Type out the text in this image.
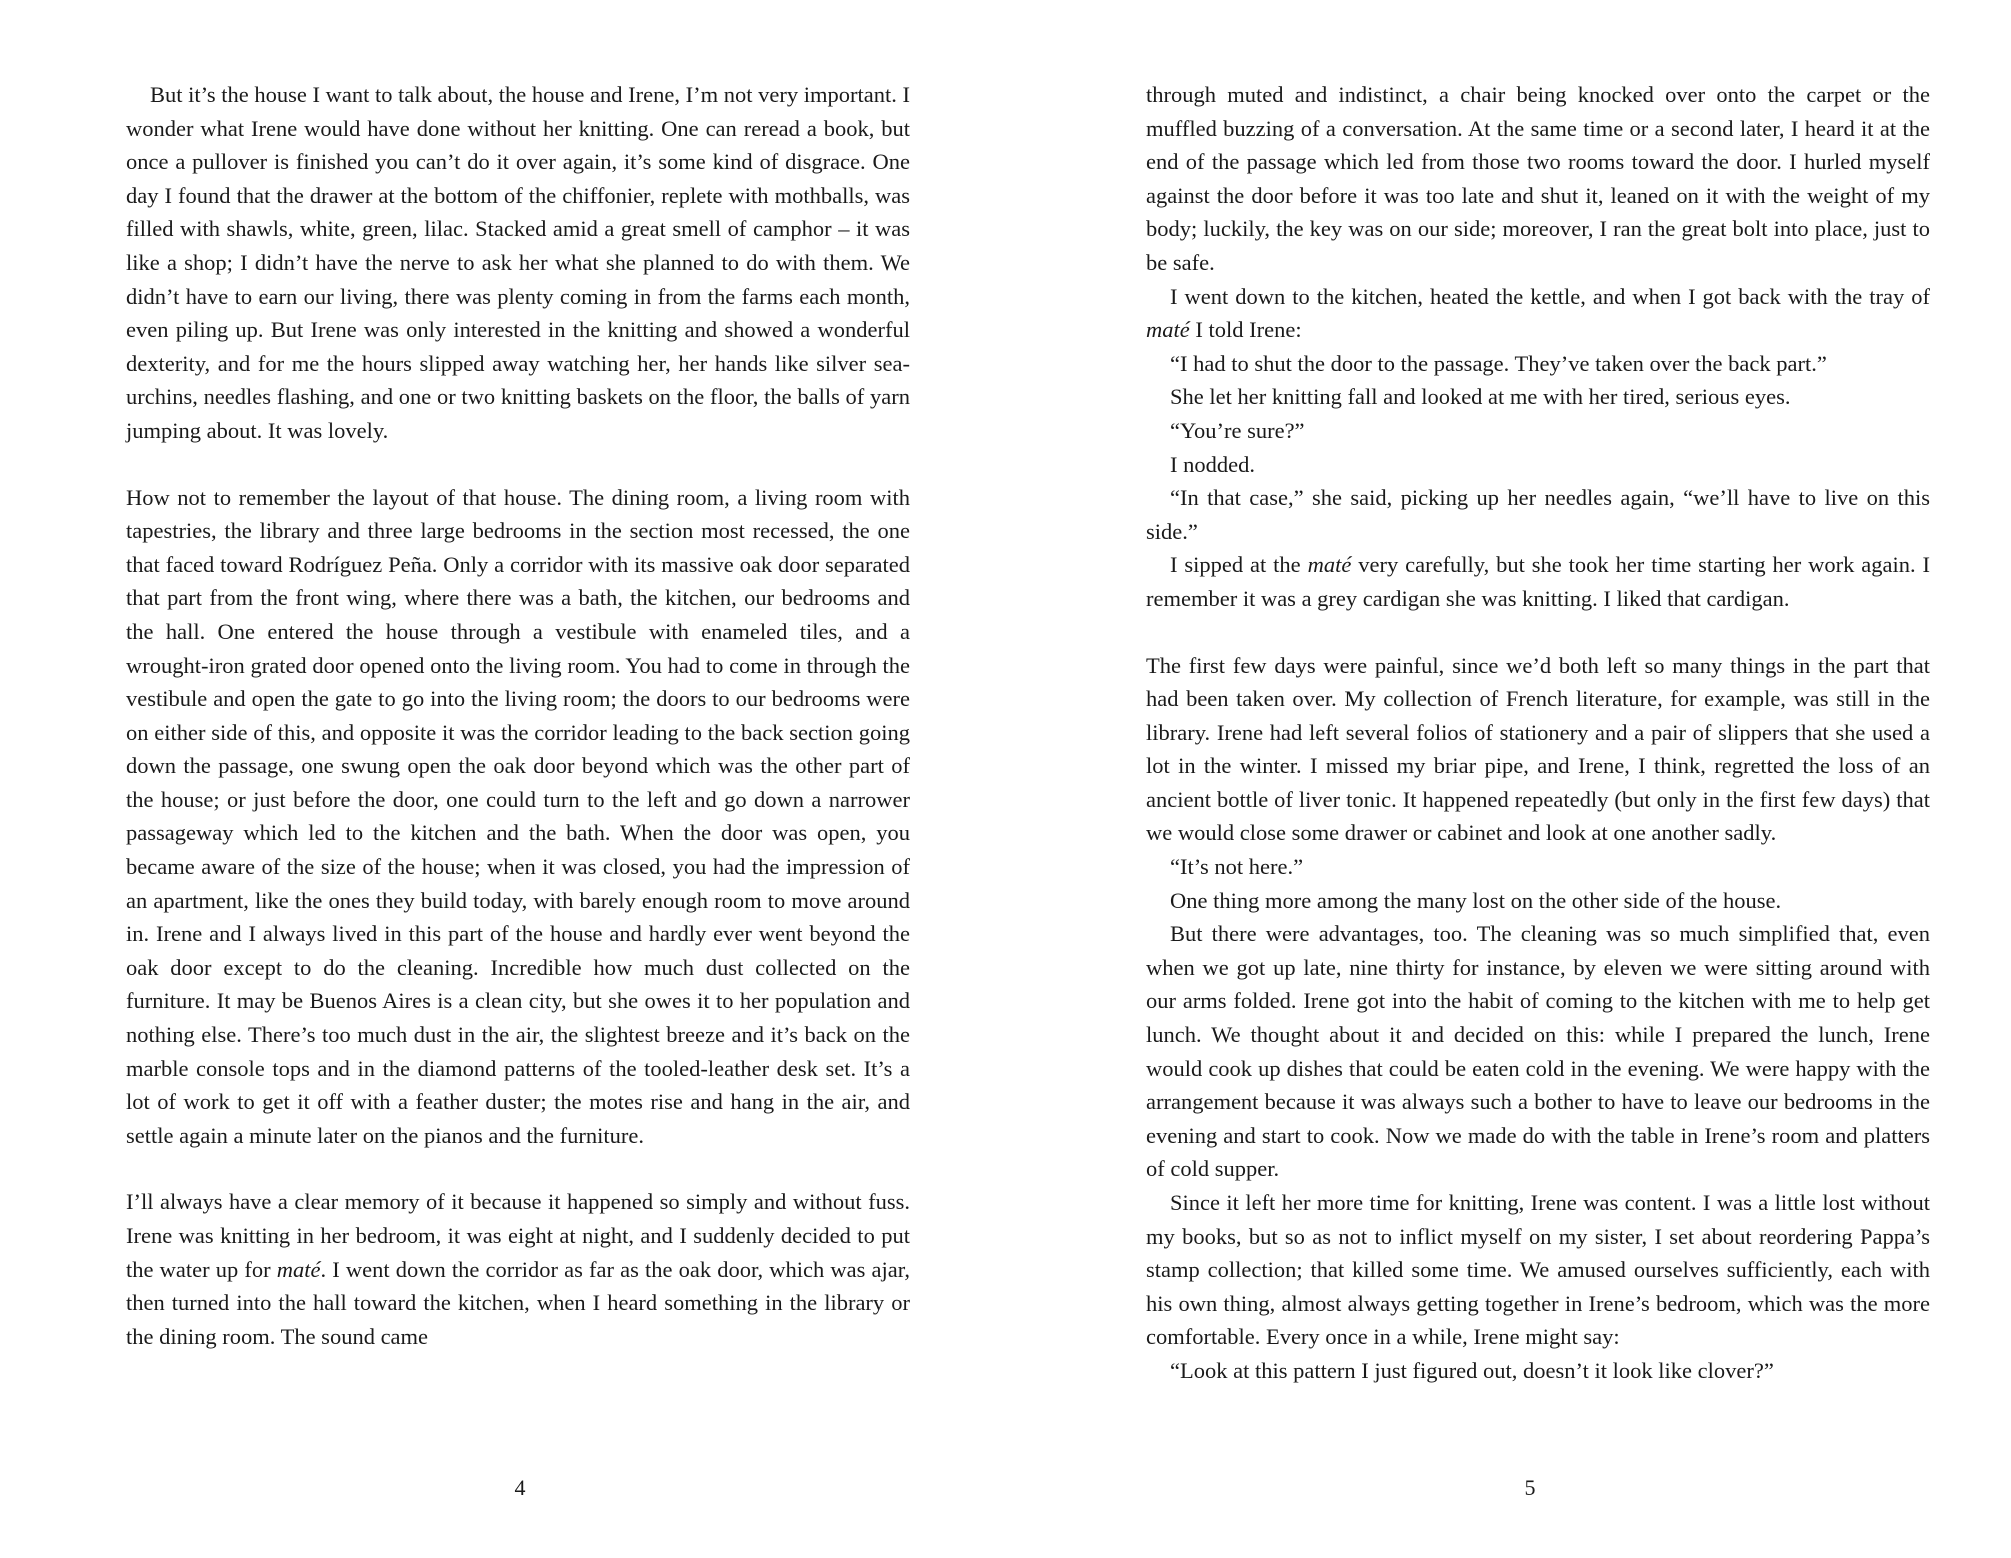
But it’s the house I want to talk about, the house and Irene, I’m not very important. I wonder what Irene would have done without her knitting. One can reread a book, but once a pullover is finished you can’t do it over again, it’s some kind of disgrace. One day I found that the drawer at the bottom of the chiffonier, replete with mothballs, was filled with shawls, white, green, lilac. Stacked amid a great smell of camphor – it was like a shop; I didn’t have the nerve to ask her what she planned to do with them. We didn’t have to earn our living, there was plenty coming in from the farms each month, even piling up. But Irene was only interested in the knitting and showed a wonderful dexterity, and for me the hours slipped away watching her, her hands like silver sea-urchins, needles flashing, and one or two knitting baskets on the floor, the balls of yarn jumping about. It was lovely.

How not to remember the layout of that house. The dining room, a living room with tapestries, the library and three large bedrooms in the section most recessed, the one that faced toward Rodríguez Peña. Only a corridor with its massive oak door separated that part from the front wing, where there was a bath, the kitchen, our bedrooms and the hall. One entered the house through a vestibule with enameled tiles, and a wrought-iron grated door opened onto the living room. You had to come in through the vestibule and open the gate to go into the living room; the doors to our bedrooms were on either side of this, and opposite it was the corridor leading to the back section going down the passage, one swung open the oak door beyond which was the other part of the house; or just before the door, one could turn to the left and go down a narrower passageway which led to the kitchen and the bath. When the door was open, you became aware of the size of the house; when it was closed, you had the impression of an apartment, like the ones they build today, with barely enough room to move around in. Irene and I always lived in this part of the house and hardly ever went beyond the oak door except to do the cleaning. Incredible how much dust collected on the furniture. It may be Buenos Aires is a clean city, but she owes it to her population and nothing else. There’s too much dust in the air, the slightest breeze and it’s back on the marble console tops and in the diamond patterns of the tooled-leather desk set. It’s a lot of work to get it off with a feather duster; the motes rise and hang in the air, and settle again a minute later on the pianos and the furniture.

I’ll always have a clear memory of it because it happened so simply and without fuss. Irene was knitting in her bedroom, it was eight at night, and I suddenly decided to put the water up for maté. I went down the corridor as far as the oak door, which was ajar, then turned into the hall toward the kitchen, when I heard something in the library or the dining room. The sound came

4

through muted and indistinct, a chair being knocked over onto the carpet or the muffled buzzing of a conversation. At the same time or a second later, I heard it at the end of the passage which led from those two rooms toward the door. I hurled myself against the door before it was too late and shut it, leaned on it with the weight of my body; luckily, the key was on our side; moreover, I ran the great bolt into place, just to be safe.

I went down to the kitchen, heated the kettle, and when I got back with the tray of maté I told Irene:

“I had to shut the door to the passage. They’ve taken over the back part.”

She let her knitting fall and looked at me with her tired, serious eyes.

“You’re sure?”

I nodded.

“In that case,” she said, picking up her needles again, “we’ll have to live on this side.”

I sipped at the maté very carefully, but she took her time starting her work again. I remember it was a grey cardigan she was knitting. I liked that cardigan.

The first few days were painful, since we’d both left so many things in the part that had been taken over. My collection of French literature, for example, was still in the library. Irene had left several folios of stationery and a pair of slippers that she used a lot in the winter. I missed my briar pipe, and Irene, I think, regretted the loss of an ancient bottle of liver tonic. It happened repeatedly (but only in the first few days) that we would close some drawer or cabinet and look at one another sadly.

“It’s not here.”

One thing more among the many lost on the other side of the house.

But there were advantages, too. The cleaning was so much simplified that, even when we got up late, nine thirty for instance, by eleven we were sitting around with our arms folded. Irene got into the habit of coming to the kitchen with me to help get lunch. We thought about it and decided on this: while I prepared the lunch, Irene would cook up dishes that could be eaten cold in the evening. We were happy with the arrangement because it was always such a bother to have to leave our bedrooms in the evening and start to cook. Now we made do with the table in Irene’s room and platters of cold supper.

Since it left her more time for knitting, Irene was content. I was a little lost without my books, but so as not to inflict myself on my sister, I set about reordering Pappa’s stamp collection; that killed some time. We amused ourselves sufficiently, each with his own thing, almost always getting together in Irene’s bedroom, which was the more comfortable. Every once in a while, Irene might say:

“Look at this pattern I just figured out, doesn’t it look like clover?”

5
